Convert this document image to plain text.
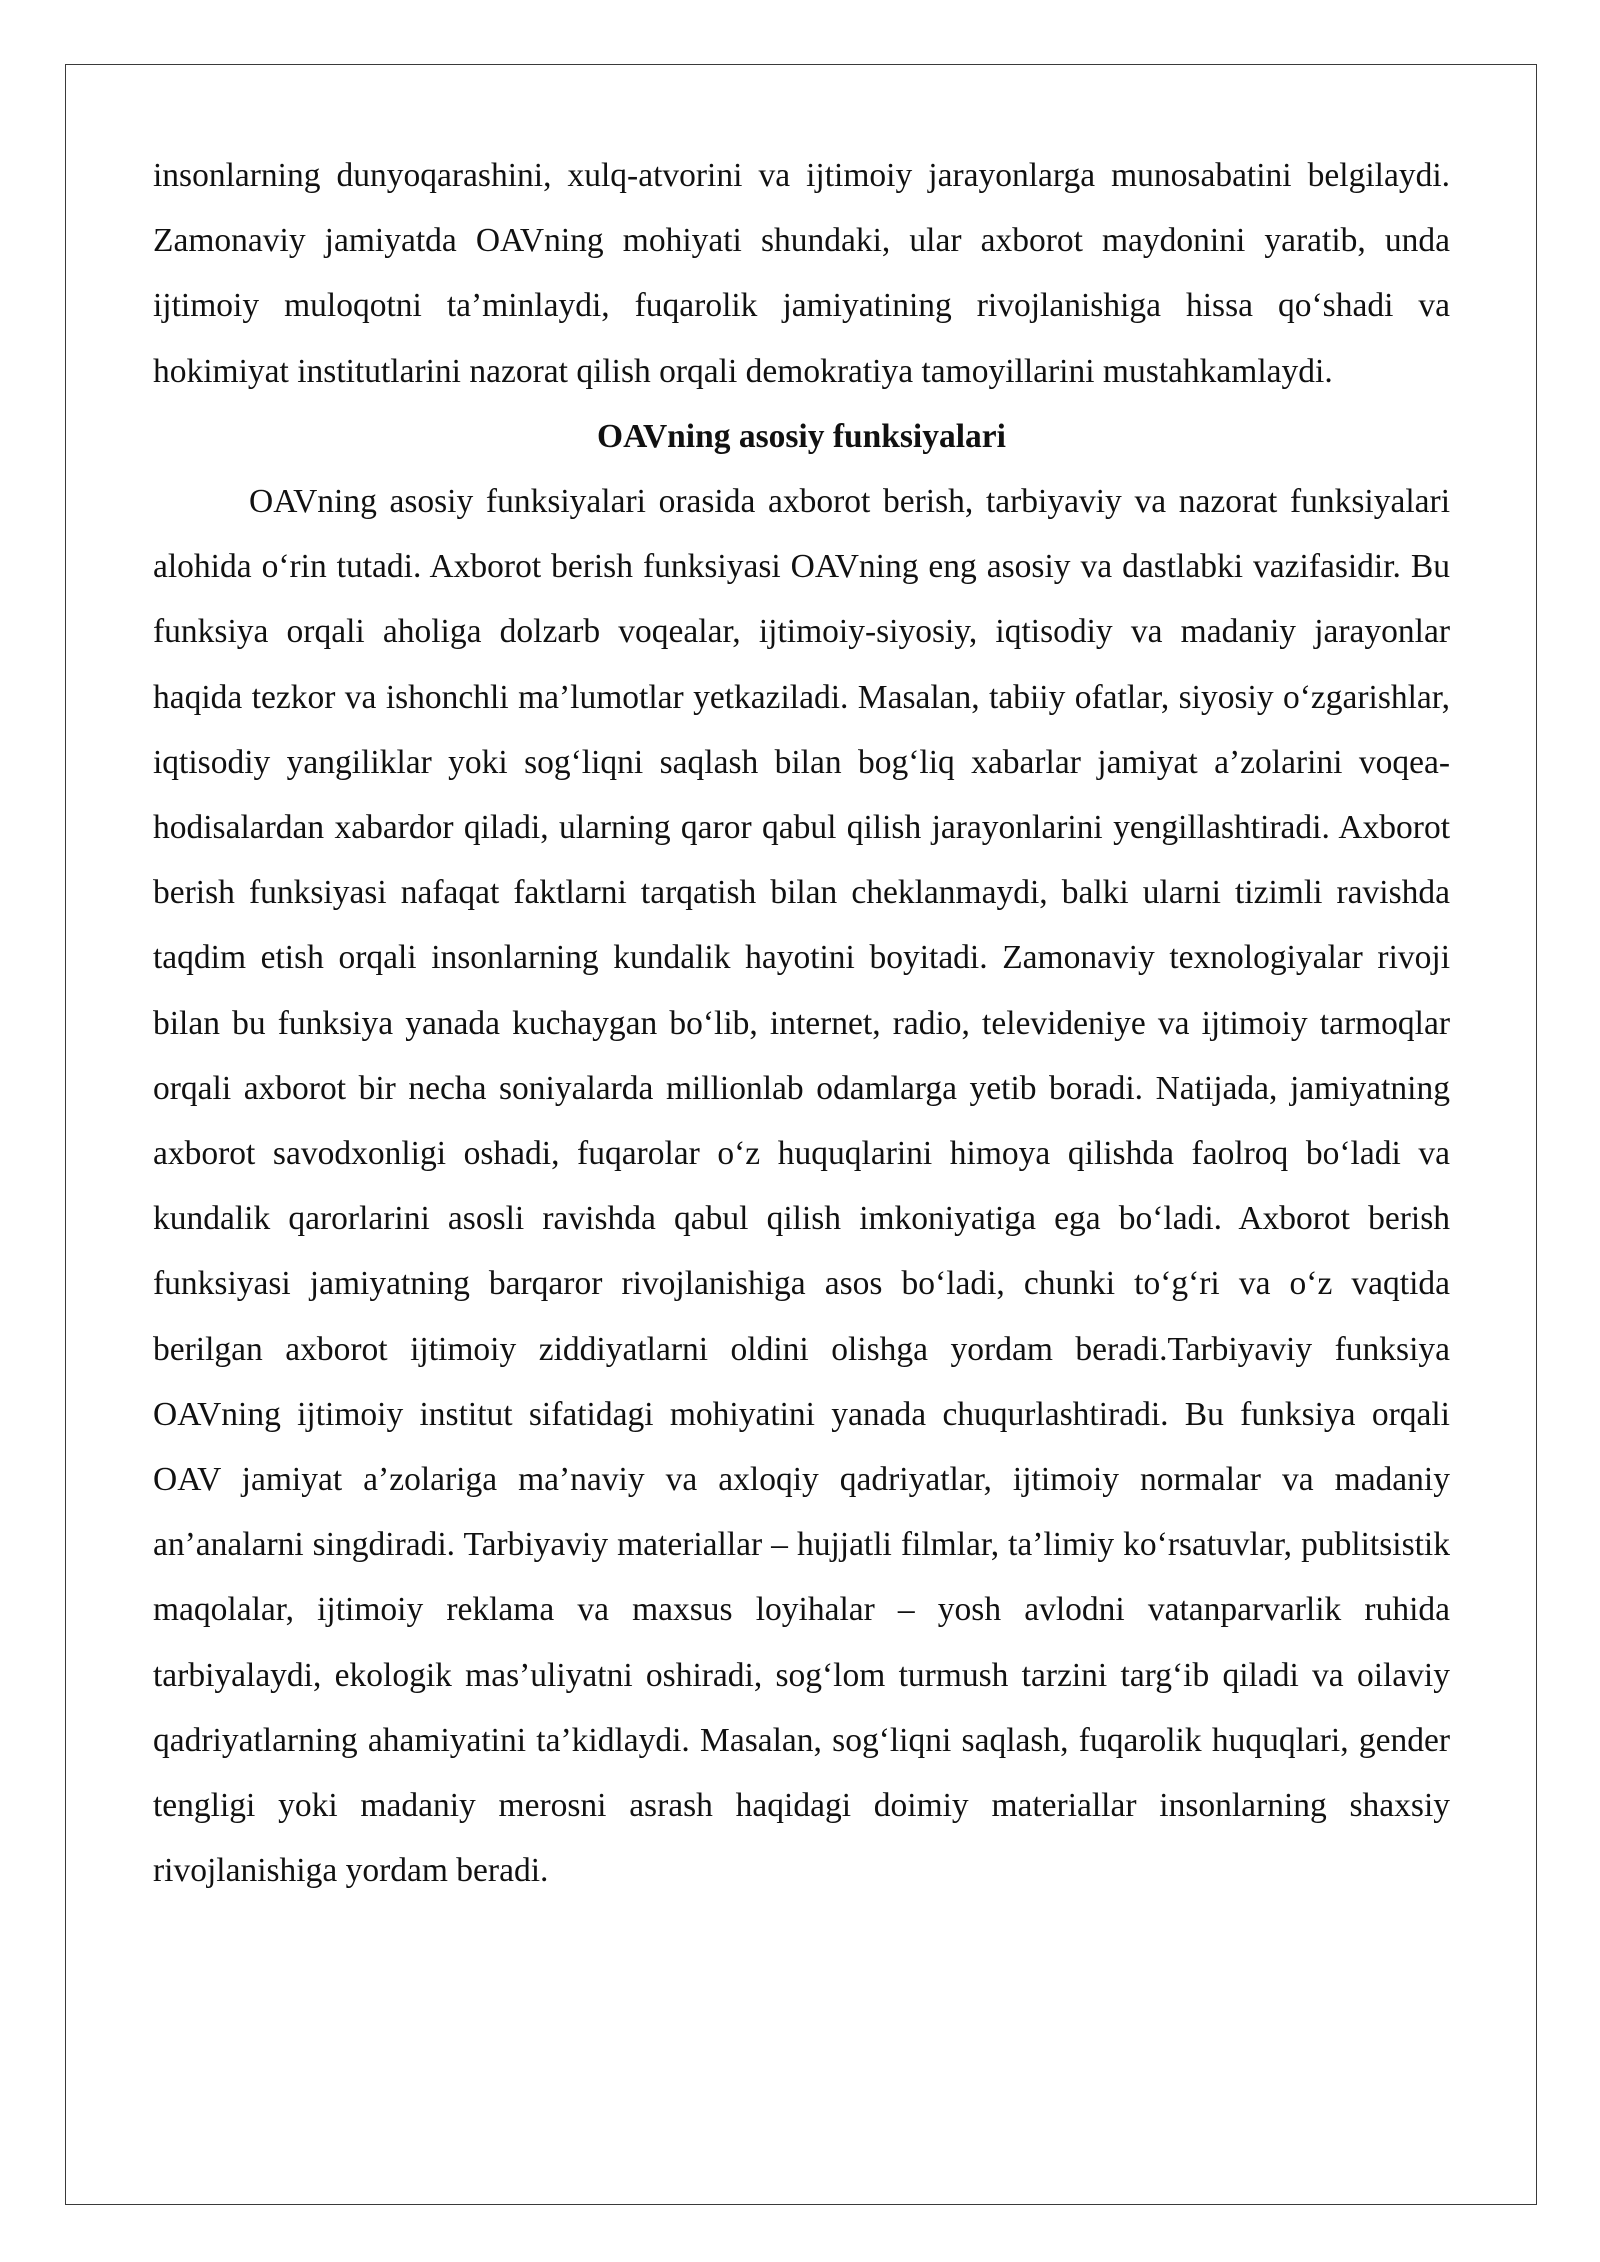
insonlarning dunyoqarashini, xulq-atvorini va ijtimoiy jarayonlarga munosabatini belgilaydi. Zamonaviy jamiyatda OAVning mohiyati shundaki, ular axborot maydonini yaratib, unda ijtimoiy muloqotni ta’minlaydi, fuqarolik jamiyatining rivojlanishiga hissa qo‘shadi va hokimiyat institutlarini nazorat qilish orqali demokratiya tamoyillarini mustahkamlaydi.

OAVning asosiy funksiyalari

OAVning asosiy funksiyalari orasida axborot berish, tarbiyaviy va nazorat funksiyalari alohida o‘rin tutadi. Axborot berish funksiyasi OAVning eng asosiy va dastlabki vazifasidir. Bu funksiya orqali aholiga dolzarb voqealar, ijtimoiy-siyosiy, iqtisodiy va madaniy jarayonlar haqida tezkor va ishonchli ma’lumotlar yetkaziladi. Masalan, tabiiy ofatlar, siyosiy o‘zgarishlar, iqtisodiy yangiliklar yoki sog‘liqni saqlash bilan bog‘liq xabarlar jamiyat a’zolarini voqea-hodisalardan xabardor qiladi, ularning qaror qabul qilish jarayonlarini yengillashtiradi. Axborot berish funksiyasi nafaqat faktlarni tarqatish bilan cheklanmaydi, balki ularni tizimli ravishda taqdim etish orqali insonlarning kundalik hayotini boyitadi. Zamonaviy texnologiyalar rivoji bilan bu funksiya yanada kuchaygan bo‘lib, internet, radio, televideniye va ijtimoiy tarmoqlar orqali axborot bir necha soniyalarda millionlab odamlarga yetib boradi. Natijada, jamiyatning axborot savodxonligi oshadi, fuqarolar o‘z huquqlarini himoya qilishda faolroq bo‘ladi va kundalik qarorlarini asosli ravishda qabul qilish imkoniyatiga ega bo‘ladi. Axborot berish funksiyasi jamiyatning barqaror rivojlanishiga asos bo‘ladi, chunki to‘g‘ri va o‘z vaqtida berilgan axborot ijtimoiy ziddiyatlarni oldini olishga yordam beradi.Tarbiyaviy funksiya OAVning ijtimoiy institut sifatidagi mohiyatini yanada chuqurlashtiradi. Bu funksiya orqali OAV jamiyat a’zolariga ma’naviy va axloqiy qadriyatlar, ijtimoiy normalar va madaniy an’analarni singdiradi. Tarbiyaviy materiallar – hujjatli filmlar, ta’limiy ko‘rsatuvlar, publitsistik maqolalar, ijtimoiy reklama va maxsus loyihalar – yosh avlodni vatanparvarlik ruhida tarbiyalaydi, ekologik mas’uliyatni oshiradi, sog‘lom turmush tarzini targ‘ib qiladi va oilaviy qadriyatlarning ahamiyatini ta’kidlaydi. Masalan, sog‘liqni saqlash, fuqarolik huquqlari, gender tengligi yoki madaniy merosni asrash haqidagi doimiy materiallar insonlarning shaxsiy rivojlanishiga yordam beradi.
